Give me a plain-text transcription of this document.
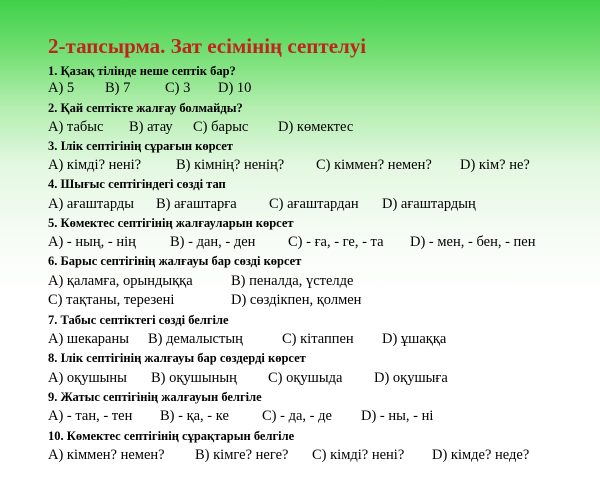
2-тапсырма. Зат есімінің септелуі
1. Қазақ тілінде неше септік бар?
А) 5 В) 7 С) 3 D) 10
2. Қай септікте жалғау болмайды?
А) табыс В) атау С) барыс D) көмектес
3. Ілік септігінің сұрағын көрсет
А) кімді? нені? В) кімнің? ненің? С) кіммен? немен? D) кім? не?
4. Шығыс септігіндегі сөзді тап
А) ағаштарды В) ағаштарға С) ағаштардан D) ағаштардың
5. Көмектес септігінің жалғауларын көрсет
А) - ның, - нің В) - дан, - ден С) - ға, - ге, - та D) - мен, - бен, - пен
6. Барыс септігінің жалғауы бар сөзді көрсет
А) қаламға, орындыққа	В) пеналда, үстелде
С) тақтаны, терезені	D) сөздікпен, қолмен
7. Табыс септіктегі сөзді белгіле
А) шекараны В) демалыстың	С) кітаппен D) ұшаққа
8. Ілік септігінің жалғауы бар сөздерді көрсет
А) оқушыны В) оқушының С) оқушыда D) оқушыға
9. Жатыс септігінің жалғауын белгіле
А) - тан, - тен В) - қа, - ке С) - да, - де D) - ны, - ні
10. Көмектес септігінің сұрақтарын белгіле
А) кіммен? немен? В) кімге? неге? С) кімді? нені? D) кімде? неде?
